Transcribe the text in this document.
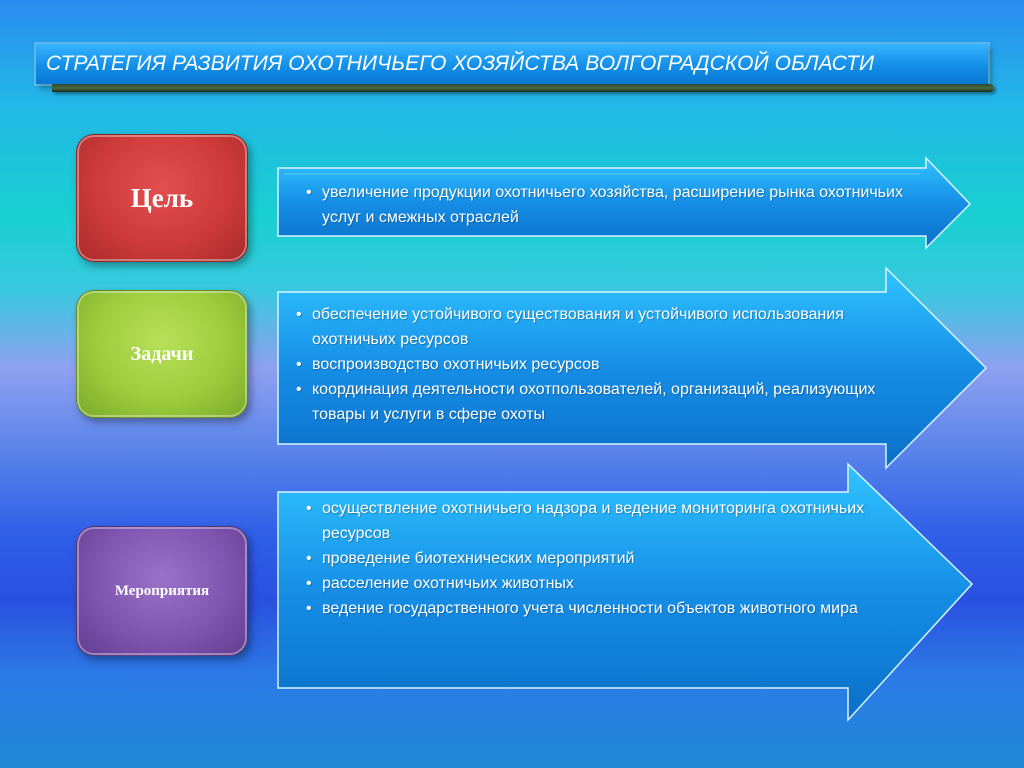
СТРАТЕГИЯ РАЗВИТИЯ ОХОТНИЧЬЕГО ХОЗЯЙСТВА ВОЛГОГРАДСКОЙ ОБЛАСТИ
Цель	• увеличение продукции охотничьего хозяйства, расширение рынка охотничьих услуг и смежных отраслей
Задачи
• обеспечение устойчивого существования и устойчивого использования охотничьих ресурсов
• воспроизводство охотничьих ресурсов
• координация деятельности охотпользователей, организаций, реализующих товары и услуги в сфере охоты
Мероприятия
• осуществление охотничьего надзора и ведение мониторинга охотничьих ресурсов
• проведение биотехнических мероприятий
• расселение охотничьих животных
• ведение государственного учета численности объектов животного мира
